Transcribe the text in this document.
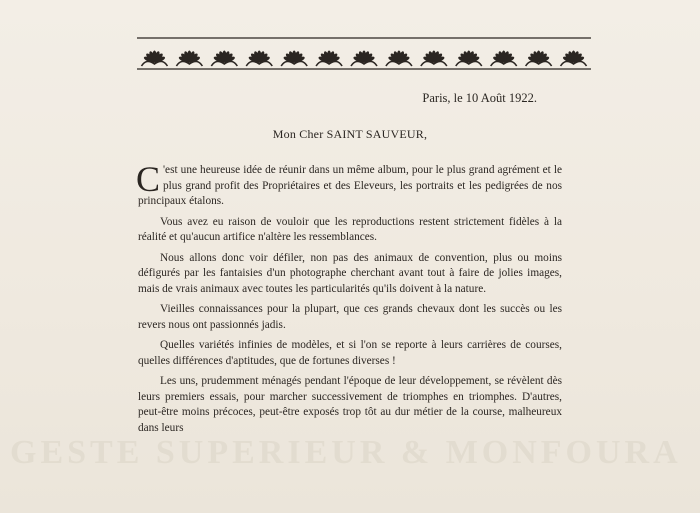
GESTE SUPERIEUR & MONFOURA
Paris, le 10 Août 1922.
Mon Cher SAINT SAUVEUR,

C 'est une heureuse idée de réunir dans un même album, pour le plus grand agrément et le plus grand profit des Propriétaires et des Eleveurs, les portraits et les pedigrées de nos principaux étalons.

Vous avez eu raison de vouloir que les reproductions restent strictement fidèles à la réalité et qu'aucun artifice n'altère les ressemblances.

Nous allons donc voir défiler, non pas des animaux de convention, plus ou moins défigurés par les fantaisies d'un photographe cherchant avant tout à faire de jolies images, mais de vrais animaux avec toutes les particularités qu'ils doivent à la nature.

Vieilles connaissances pour la plupart, que ces grands chevaux dont les succès ou les revers nous ont passionnés jadis.

Quelles variétés infinies de modèles, et si l'on se reporte à leurs carrières de courses, quelles différences d'aptitudes, que de fortunes diverses !

Les uns, prudemment ménagés pendant l'époque de leur développement, se révèlent dès leurs premiers essais, pour marcher successivement de triomphes en triomphes. D'autres, peut-être moins précoces, peut-être exposés trop tôt au dur métier de la course, malheureux dans leurs
